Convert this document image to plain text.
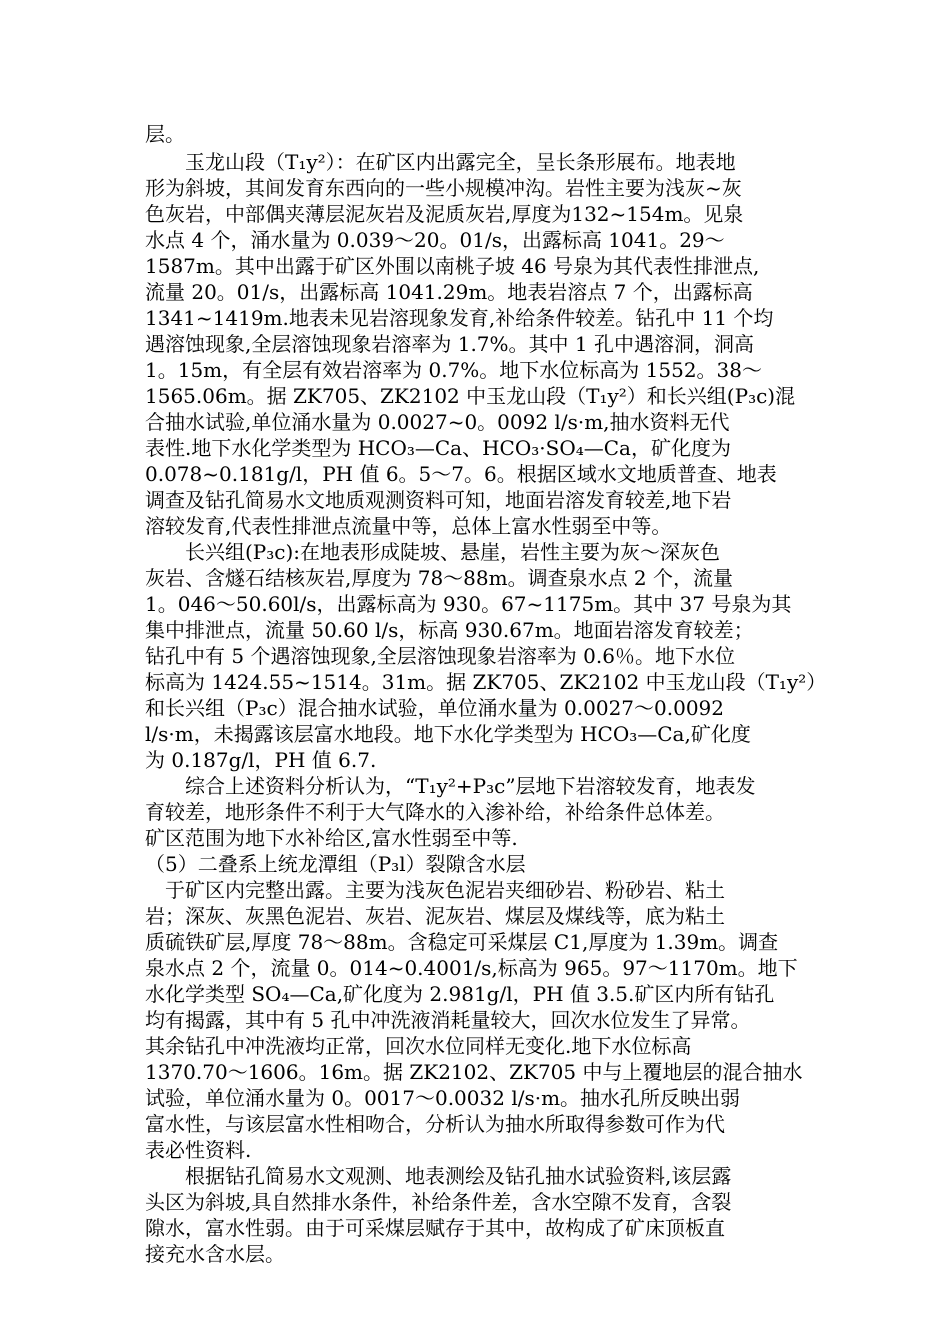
层。
　　玉龙山段（T₁y²）：在矿区内出露完全，呈长条形展布。地表地
形为斜坡，其间发育东西向的一些小规模冲沟。岩性主要为浅灰~灰
色灰岩，中部偶夹薄层泥灰岩及泥质灰岩,厚度为132~154m。见泉
水点 4 个，涌水量为 0.039～20。01/s，出露标高 1041。29～
1587m。其中出露于矿区外围以南桃子坡 46 号泉为其代表性排泄点,
流量 20。01/s，出露标高 1041.29m。地表岩溶点 7 个，出露标高
1341~1419m.地表未见岩溶现象发育,补给条件较差。钻孔中 11 个均
遇溶蚀现象,全层溶蚀现象岩溶率为 1.7%。其中 1 孔中遇溶洞，洞高
1。15m，有全层有效岩溶率为 0.7%。地下水位标高为 1552。38～
1565.06m。据 ZK705、ZK2102 中玉龙山段（T₁y²）和长兴组(P₃c)混
合抽水试验,单位涌水量为 0.0027~0。0092 l/s·m,抽水资料无代
表性.地下水化学类型为 HCO₃—Ca、HCO₃·SO₄—Ca，矿化度为
0.078~0.181g/l，PH 值 6。5～7。6。根据区域水文地质普查、地表
调查及钻孔简易水文地质观测资料可知，地面岩溶发育较差,地下岩
溶较发育,代表性排泄点流量中等，总体上富水性弱至中等。
　　长兴组(P₃c):在地表形成陡坡、悬崖，岩性主要为灰～深灰色
灰岩、含燧石结核灰岩,厚度为 78～88m。调查泉水点 2 个，流量
1。046～50.60l/s，出露标高为 930。67~1175m。其中 37 号泉为其
集中排泄点，流量 50.60 l/s，标高 930.67m。地面岩溶发育较差；
钻孔中有 5 个遇溶蚀现象,全层溶蚀现象岩溶率为 0.6％。地下水位
标高为 1424.55~1514。31m。据 ZK705、ZK2102 中玉龙山段（T₁y²）
和长兴组（P₃c）混合抽水试验，单位涌水量为 0.0027～0.0092
l/s·m，未揭露该层富水地段。地下水化学类型为 HCO₃—Ca,矿化度
为 0.187g/l，PH 值 6.7.
　　综合上述资料分析认为，“T₁y²+P₃c”层地下岩溶较发育，地表发
育较差，地形条件不利于大气降水的入渗补给，补给条件总体差。
矿区范围为地下水补给区,富水性弱至中等.
（5）二叠系上统龙潭组（P₃l）裂隙含水层
　于矿区内完整出露。主要为浅灰色泥岩夹细砂岩、粉砂岩、粘土
岩；深灰、灰黑色泥岩、灰岩、泥灰岩、煤层及煤线等，底为粘土
质硫铁矿层,厚度 78～88m。含稳定可采煤层 C1,厚度为 1.39m。调查
泉水点 2 个，流量 0。014~0.4001/s,标高为 965。97～1170m。地下
水化学类型 SO₄—Ca,矿化度为 2.981g/l，PH 值 3.5.矿区内所有钻孔
均有揭露，其中有 5 孔中冲洗液消耗量较大，回次水位发生了异常。
其余钻孔中冲洗液均正常，回次水位同样无变化.地下水位标高
1370.70～1606。16m。据 ZK2102、ZK705 中与上覆地层的混合抽水
试验，单位涌水量为 0。0017～0.0032 l/s·m。抽水孔所反映出弱
富水性，与该层富水性相吻合，分析认为抽水所取得参数可作为代
表必性资料.
　　根据钻孔简易水文观测、地表测绘及钻孔抽水试验资料,该层露
头区为斜坡,具自然排水条件，补给条件差，含水空隙不发育，含裂
隙水，富水性弱。由于可采煤层赋存于其中，故构成了矿床顶板直
接充水含水层。
